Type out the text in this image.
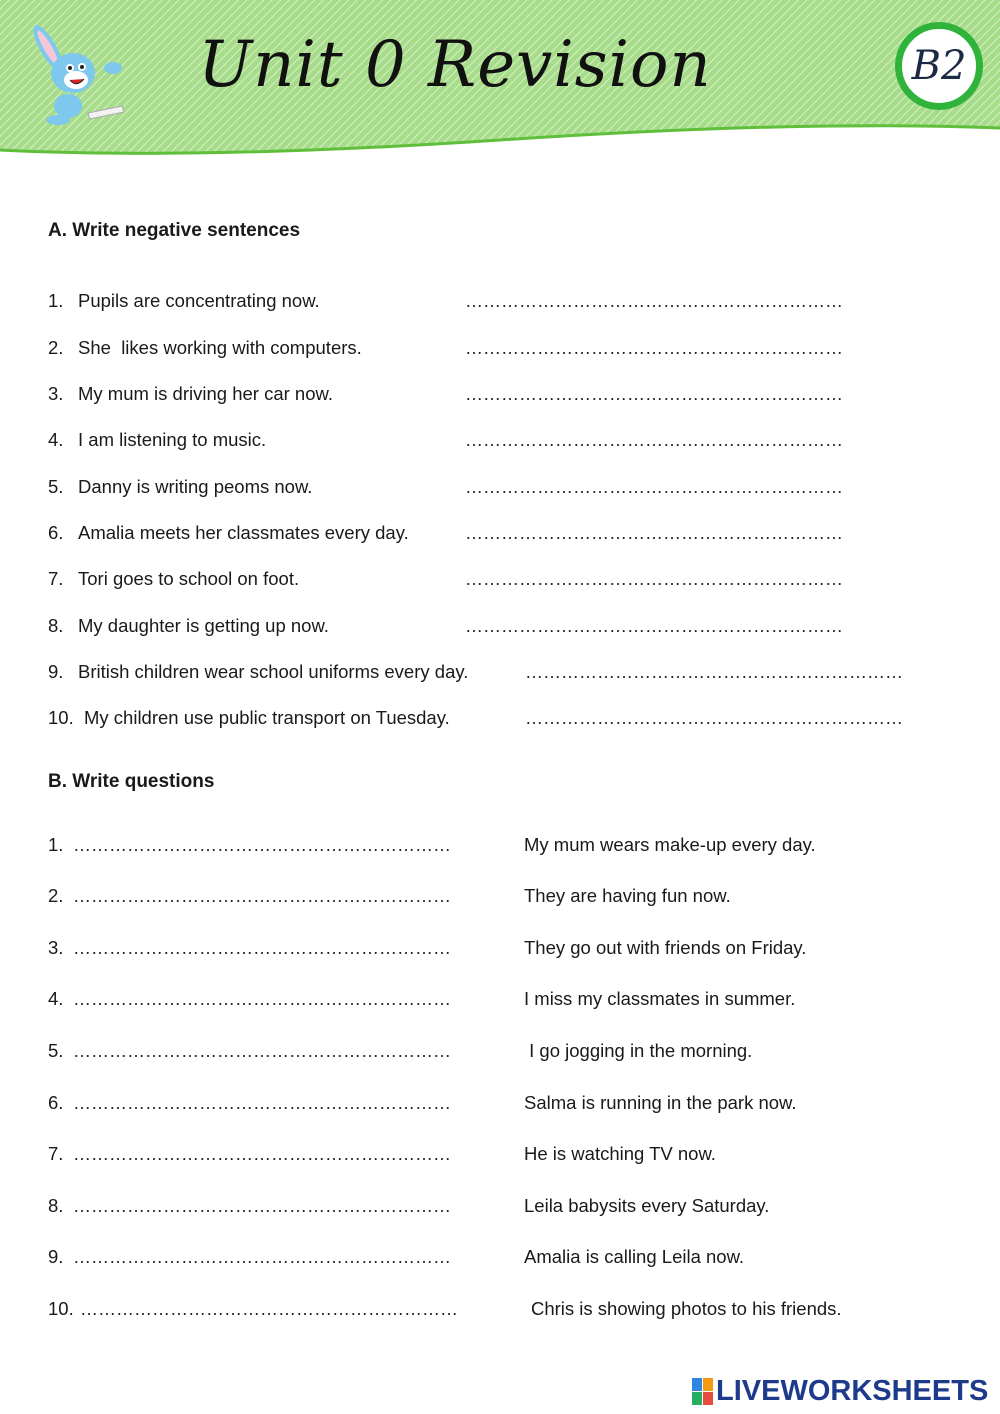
Unit 0 Revision	B2
A. Write negative sentences
1. Pupils are concentrating now.	………………………………………………………
2. She  likes working with computers.	………………………………………………………
3. My mum is driving her car now.	………………………………………………………
4. I am listening to music.	………………………………………………………
5. Danny is writing peoms now.	………………………………………………………
6. Amalia meets her classmates every day.	………………………………………………………
7. Tori goes to school on foot.	………………………………………………………
8. My daughter is getting up now.	………………………………………………………
9. British children wear school uniforms every day.	………………………………………………………
10. My children use public transport on Tuesday.	………………………………………………………
B. Write questions
1. ………………………………………………………	My mum wears make-up every day.
2. ………………………………………………………	They are having fun now.
3. ………………………………………………………	They go out with friends on Friday.
4. ………………………………………………………	I miss my classmates in summer.
5. ………………………………………………………	I go jogging in the morning.
6. ………………………………………………………	Salma is running in the park now.
7. ………………………………………………………	He is watching TV now.
8. ………………………………………………………	Leila babysits every Saturday.
9. ………………………………………………………	Amalia is calling Leila now.
10. ………………………………………………………	Chris is showing photos to his friends.
LIVEWORKSHEETS
